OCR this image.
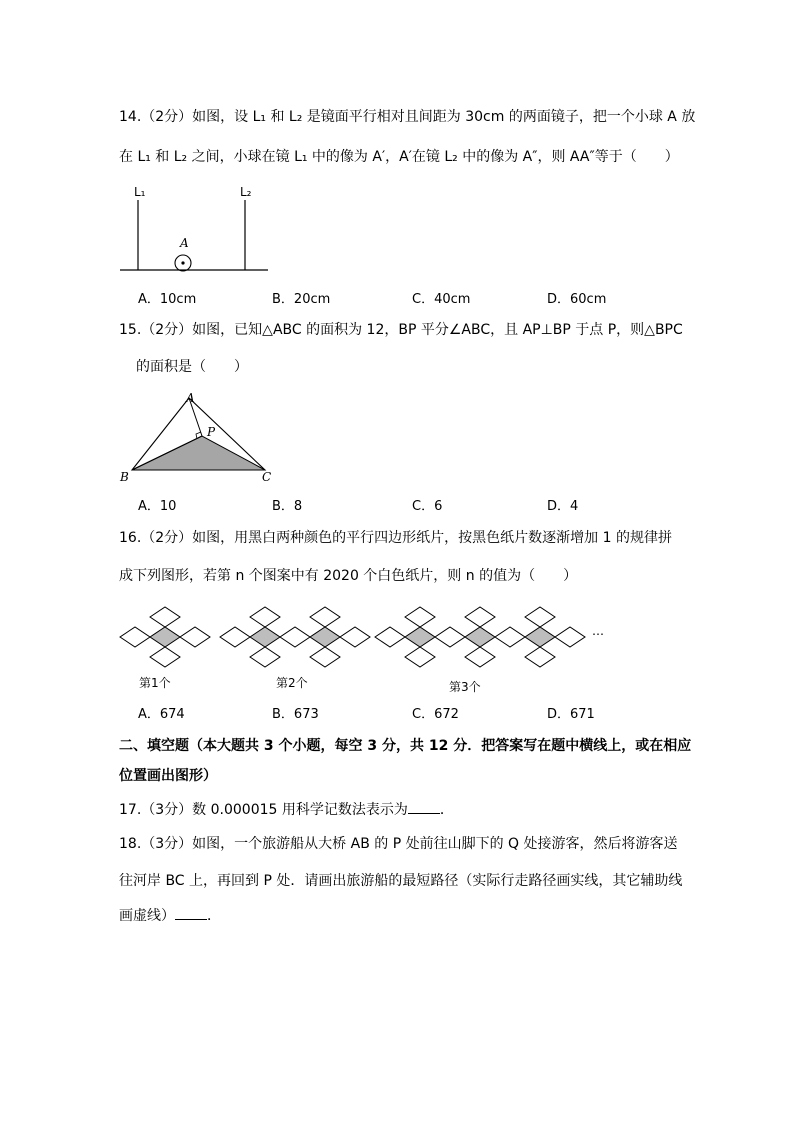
14.（2分）如图，设 L₁ 和 L₂ 是镜面平行相对且间距为 30cm 的两面镜子，把一个小球 A 放
在 L₁ 和 L₂ 之间，小球在镜 L₁ 中的像为 A′，A′在镜 L₂ 中的像为 A″，则 AA″等于（　　）
L₁	L₂
A
A．10cm	B．20cm	C．40cm	D．60cm
15.（2分）如图，已知△ABC 的面积为 12，BP 平分∠ABC，且 AP⊥BP 于点 P，则△BPC
的面积是（　　）
A
B	C
P
A．10	B．8	C．6	D．4
16.（2分）如图，用黑白两种颜色的平行四边形纸片，按黑色纸片数逐渐增加 1 的规律拼
成下列图形，若第 n 个图案中有 2020 个白色纸片，则 n 的值为（　　）
…
第1个	第2个	第3个
A．674	B．673	C．672	D．671
二、填空题（本大题共 3 个小题，每空 3 分，共 12 分．把答案写在题中横线上，或在相应
位置画出图形）
17.（3分）数 0.000015 用科学记数法表示为 ．
18.（3分）如图，一个旅游船从大桥 AB 的 P 处前往山脚下的 Q 处接游客，然后将游客送
往河岸 BC 上，再回到 P 处．请画出旅游船的最短路径（实际行走路径画实线，其它辅助线
画虚线） ．
